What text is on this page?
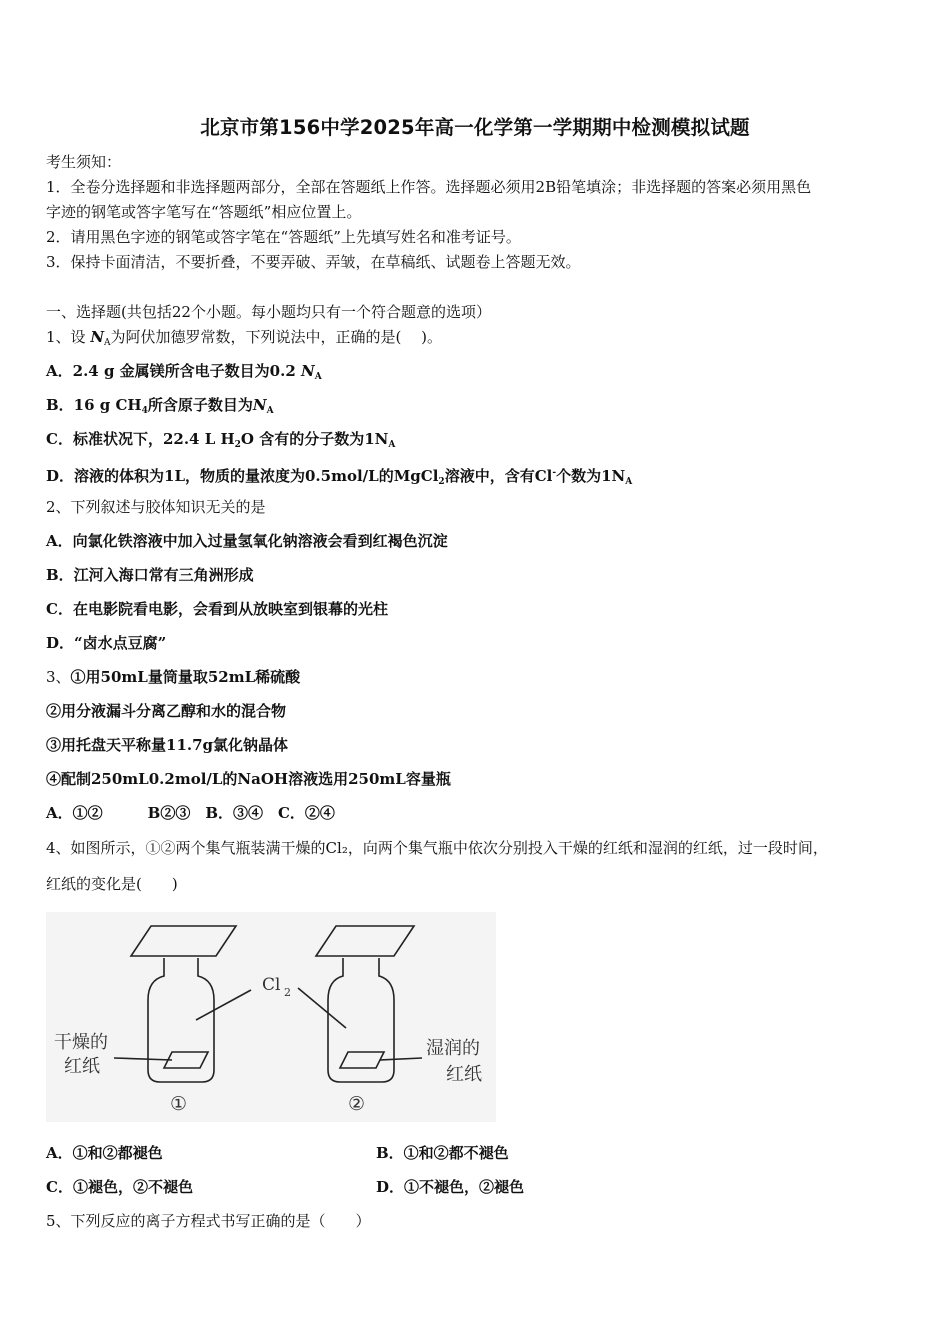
北京市第156中学2025年高一化学第一学期期中检测模拟试题
考生须知：
1．全卷分选择题和非选择题两部分，全部在答题纸上作答。选择题必须用2B铅笔填涂；非选择题的答案必须用黑色
字迹的钢笔或答字笔写在“答题纸”相应位置上。
2．请用黑色字迹的钢笔或答字笔在“答题纸”上先填写姓名和准考证号。
3．保持卡面清洁，不要折叠，不要弄破、弄皱，在草稿纸、试题卷上答题无效。
一、选择题(共包括22个小题。每小题均只有一个符合题意的选项）
1、设 $N_A$为阿伏加德罗常数，下列说法中，正确的是(　 )。
A．2.4 g 金属镁所含电子数目为0.2 $N_A$
B．16 g $CH_4$所含原子数目为$N_A$
C．标准状况下，22.4 L $H_2O$ 含有的分子数为$1N_A$
D．溶液的体积为1L，物质的量浓度为0.5mol/L的MgCl$_2$溶液中，含有Cl-个数为$1N_A$
2、下列叙述与胶体知识无关的是
A．向氯化铁溶液中加入过量氢氧化钠溶液会看到红褐色沉淀
B．江河入海口常有三角洲形成
C．在电影院看电影，会看到从放映室到银幕的光柱
D．“卤水点豆腐”
3、①用50mL量筒量取52mL稀硫酸
②用分液漏斗分离乙醇和水的混合物
③用托盘天平称量11.7g氯化钠晶体
④配制250mL0.2mol/L的NaOH溶液选用250mL容量瓶
A．①②　　　B②③　B．③④　C．②④
4、如图所示，①②两个集气瓶装满干燥的Cl₂，向两个集气瓶中依次分别投入干燥的红纸和湿润的红纸，过一段时间，
红纸的变化是(　　)
Cl 2
干燥的
红纸
湿润的
红纸
①	②
A．①和②都褪色	B．①和②都不褪色
C．①褪色，②不褪色	D．①不褪色，②褪色
5、下列反应的离子方程式书写正确的是（　　）
